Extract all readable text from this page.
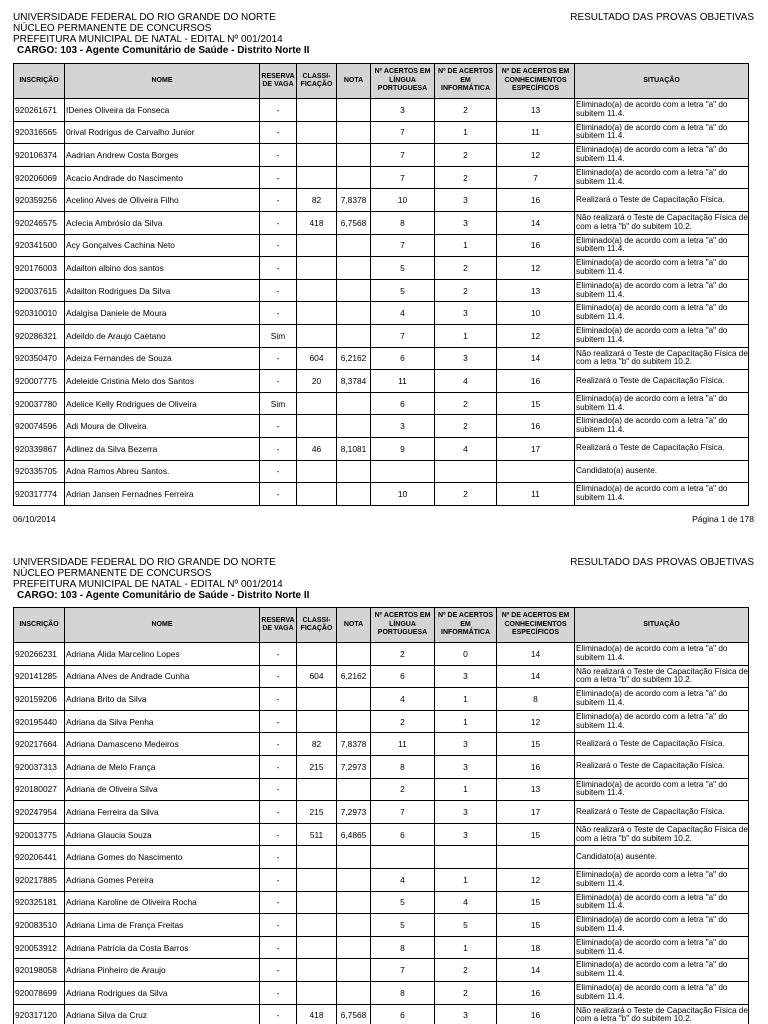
UNIVERSIDADE FEDERAL DO RIO GRANDE DO NORTE
NÚCLEO PERMANENTE DE CONCURSOS
PREFEITURA MUNICIPAL DE NATAL - EDITAL Nº 001/2014
CARGO: 103 - Agente Comunitário de Saúde - Distrito Norte II
RESULTADO DAS PROVAS OBJETIVAS
INSCRIÇÃO	NOME	RESERVA DE VAGA	CLASSI-FICAÇÃO	NOTA	Nº ACERTOS EM LÍNGUA PORTUGUESA	Nº DE ACERTOS EM INFORMÁTICA	Nº DE ACERTOS EM CONHECIMENTOS ESPECÍFICOS	SITUAÇÃO
920261671	IDenes Oliveira da Fonseca	-			3	2	13	Eliminado(a) de acordo com a letra "a" do subitem 11.4.
920316565	0rival Rodrigus de Carvalho Junior	-			7	1	11	Eliminado(a) de acordo com a letra "a" do subitem 11.4.
920106374	Aadrian Andrew Costa Borges	-			7	2	12	Eliminado(a) de acordo com a letra "a" do subitem 11.4.
920206069	Acacio Andrade do Nascimento	-			7	2	7	Eliminado(a) de acordo com a letra "a" do subitem 11.4.
920359256	Acelino Alves de Oliveira Filho	-	82	7,8378	10	3	16	Realizará o Teste de Capacitação Física.
920246575	Aclecia Ambrósio da Silva	-	418	6,7568	8	3	14	Não realizará o Teste de Capacitação Física de com a letra "b" do subitem 10.2.
920341500	Acy Gonçalves Cachina Neto	-			7	1	16	Eliminado(a) de acordo com a letra "a" do subitem 11.4.
920176003	Adailton albino dos santos	-			5	2	12	Eliminado(a) de acordo com a letra "a" do subitem 11.4.
920037615	Adailton Rodrigues Da Silva	-			5	2	13	Eliminado(a) de acordo com a letra "a" do subitem 11.4.
920310010	Adalgisa Daniele de Moura	-			4	3	10	Eliminado(a) de acordo com a letra "a" do subitem 11.4.
920286321	Adeildo de Araujo Caetano	Sim			7	1	12	Eliminado(a) de acordo com a letra "a" do subitem 11.4.
920350470	Adeiza Fernandes de Souza	-	604	6,2162	6	3	14	Não realizará o Teste de Capacitação Física de com a letra "b" do subitem 10.2.
920007775	Adeleide Cristina Melo dos Santos	-	20	8,3784	11	4	16	Realizará o Teste de Capacitação Física.
920037780	Adelice Kelly Rodrigues de Oliveira	Sim			6	2	15	Eliminado(a) de acordo com a letra "a" do subitem 11.4.
920074596	Adi Moura de Oliveira	-			3	2	16	Eliminado(a) de acordo com a letra "a" do subitem 11.4.
920339867	Adlinez da Silva Bezerra	-	46	8,1081	9	4	17	Realizará o Teste de Capacitação Física.
920335705	Adna Ramos Abreu Santos.	-						Candidato(a) ausente.
920317774	Adrian Jansen Fernadnes Ferreira	-			10	2	11	Eliminado(a) de acordo com a letra "a" do subitem 11.4.
06/10/2014	Página 1 de 178
UNIVERSIDADE FEDERAL DO RIO GRANDE DO NORTE
NÚCLEO PERMANENTE DE CONCURSOS
PREFEITURA MUNICIPAL DE NATAL - EDITAL Nº 001/2014
CARGO: 103 - Agente Comunitário de Saúde - Distrito Norte II
RESULTADO DAS PROVAS OBJETIVAS
INSCRIÇÃO	NOME	RESERVA DE VAGA	CLASSI-FICAÇÃO	NOTA	Nº ACERTOS EM LÍNGUA PORTUGUESA	Nº DE ACERTOS EM INFORMÁTICA	Nº DE ACERTOS EM CONHECIMENTOS ESPECÍFICOS	SITUAÇÃO
920266231	Adriana Álida Marcelino Lopes	-			2	0	14	Eliminado(a) de acordo com a letra "a" do subitem 11.4.
920141285	Adriana Alves de Andrade Cunha	-	604	6,2162	6	3	14	Não realizará o Teste de Capacitação Física de com a letra "b" do subitem 10.2.
920159206	Adriana Brito da Silva	-			4	1	8	Eliminado(a) de acordo com a letra "a" do subitem 11.4.
920195440	Adriana da Silva Penha	-			2	1	12	Eliminado(a) de acordo com a letra "a" do subitem 11.4.
920217664	Adriana Damasceno Medeiros	-	82	7,8378	11	3	15	Realizará o Teste de Capacitação Física.
920037313	Adriana de Melo França	-	215	7,2973	8	3	16	Realizará o Teste de Capacitação Física.
920180027	Adriana de Oliveira Silva	-			2	1	13	Eliminado(a) de acordo com a letra "a" do subitem 11.4.
920247954	Adriana Ferreira da Silva	-	215	7,2973	7	3	17	Realizará o Teste de Capacitação Física.
920013775	Adriana Glaucia Souza	-	511	6,4865	6	3	15	Não realizará o Teste de Capacitação Física de com a letra "b" do subitem 10.2.
920206441	Adriana Gomes do Nascimento	-						Candidato(a) ausente.
920217885	Adriana Gomes Pereira	-			4	1	12	Eliminado(a) de acordo com a letra "a" do subitem 11.4.
920325181	Adriana Karoline de Oliveira Rocha	-			5	4	15	Eliminado(a) de acordo com a letra "a" do subitem 11.4.
920083510	Adriana Lima de França Freitas	-			5	5	15	Eliminado(a) de acordo com a letra "a" do subitem 11.4.
920053912	Adriana Patrícia da Costa Barros	-			8	1	18	Eliminado(a) de acordo com a letra "a" do subitem 11.4.
920198058	Adriana Pinheiro de Araujo	-			7	2	14	Eliminado(a) de acordo com a letra "a" do subitem 11.4.
920078699	Adriana Rodrigues da Silva	-			8	2	16	Eliminado(a) de acordo com a letra "a" do subitem 11.4.
920317120	Adriana Silva da Cruz	-	418	6,7568	6	3	16	Não realizará o Teste de Capacitação Física de com a letra "b" do subitem 10.2.
